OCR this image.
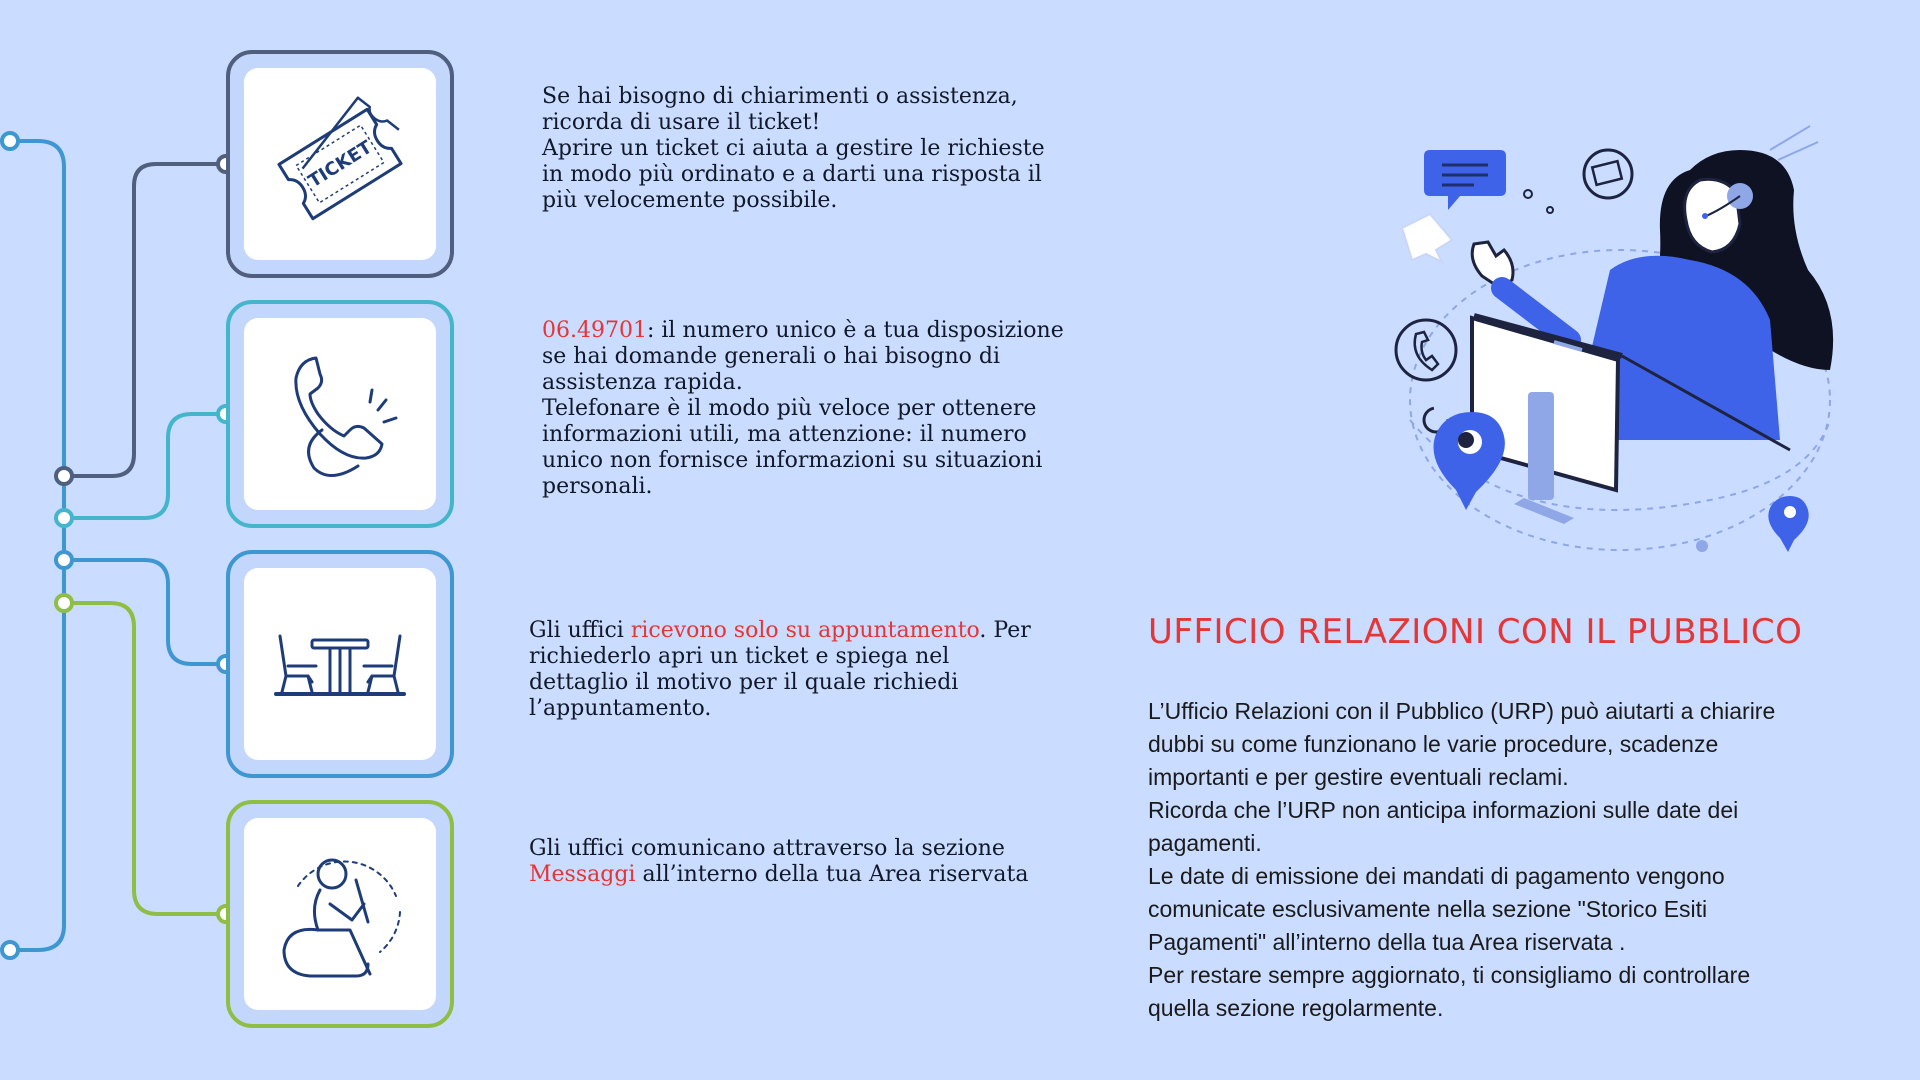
TICKET

Se hai bisogno di chiarimenti o assistenza,

ricorda di usare il ticket!

Aprire un ticket ci aiuta a gestire le richieste

in modo più ordinato e a darti una risposta il

più velocemente possibile.

06.49701: il numero unico è a tua disposizione

se hai domande generali o hai bisogno di

assistenza rapida.

Telefonare è il modo più veloce per ottenere

informazioni utili, ma attenzione: il numero

unico non fornisce informazioni su situazioni

personali.

Gli uffici ricevono solo su appuntamento. Per

richiederlo apri un ticket e spiega nel

dettaglio il motivo per il quale richiedi

l’appuntamento.

Gli uffici comunicano attraverso la sezione

Messaggi all’interno della tua Area riservata

UFFICIO RELAZIONI CON IL PUBBLICO

L’Ufficio Relazioni con il Pubblico (URP) può aiutarti a chiarire

dubbi su come funzionano le varie procedure, scadenze

importanti e per gestire eventuali reclami.

Ricorda che l’URP non anticipa informazioni sulle date dei

pagamenti.

Le date di emissione dei mandati di pagamento vengono

comunicate esclusivamente nella sezione "Storico Esiti

Pagamenti" all’interno della tua Area riservata .

Per restare sempre aggiornato, ti consigliamo di controllare

quella sezione regolarmente.
